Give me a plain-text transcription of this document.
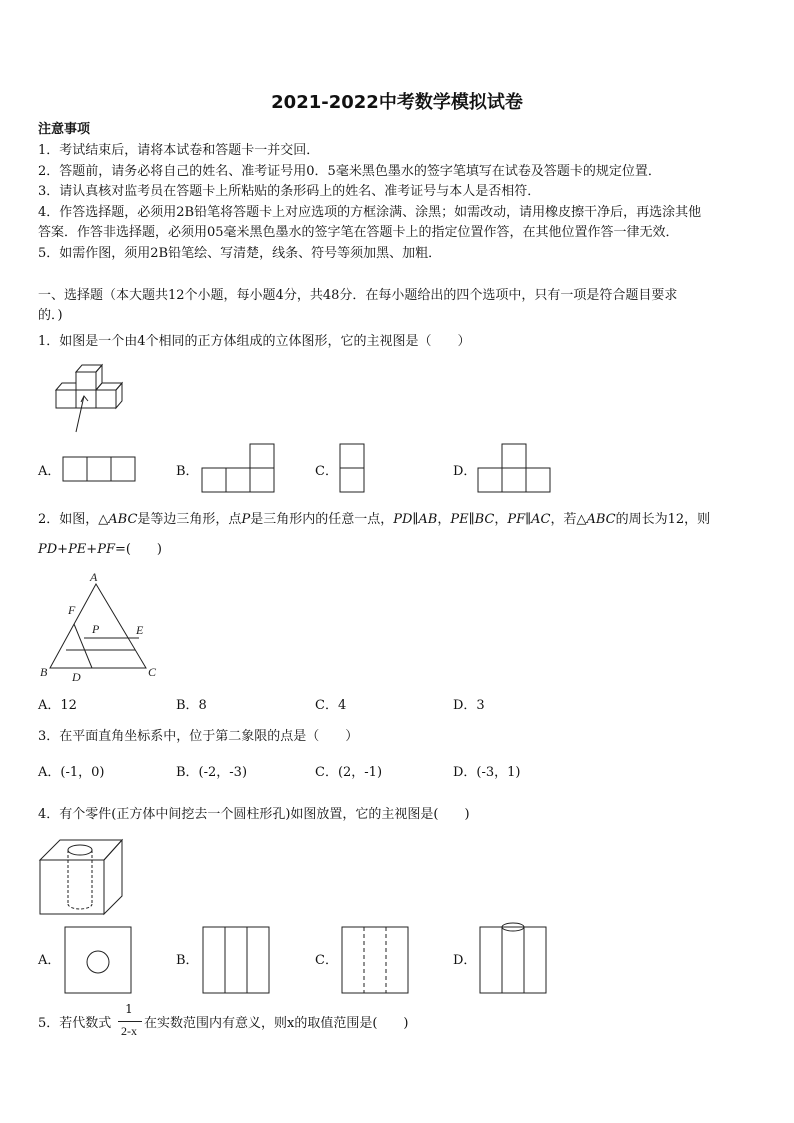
2021-2022中考数学模拟试卷
注意事项
1．考试结束后，请将本试卷和答题卡一并交回．
2．答题前，请务必将自己的姓名、准考证号用0．5毫米黑色墨水的签字笔填写在试卷及答题卡的规定位置．
3．请认真核对监考员在答题卡上所粘贴的条形码上的姓名、准考证号与本人是否相符．
4．作答选择题，必须用2B铅笔将答题卡上对应选项的方框涂满、涂黑；如需改动，请用橡皮擦干净后，再选涂其他
答案．作答非选择题，必须用05毫米黑色墨水的签字笔在答题卡上的指定位置作答，在其他位置作答一律无效．
5．如需作图，须用2B铅笔绘、写清楚，线条、符号等须加黑、加粗．
一、选择题（本大题共12个小题，每小题4分，共48分．在每小题给出的四个选项中，只有一项是符合题目要求
的．)
1．如图是一个由4个相同的正方体组成的立体图形，它的主视图是（　　）
A．	B．	C．	D．
2．如图，△ABC是等边三角形，点P是三角形内的任意一点，PD∥AB，PE∥BC，PF∥AC，若△ABC的周长为12，则
PD+PE+PF=(　　)
A
F
P	E
B	C
D
A．12	B．8	C．4	D．3
3．在平面直角坐标系中，位于第二象限的点是（　　）
A．(-1，0)	B．(-2，-3)	C．(2，-1)	D．(-3，1)
4．有个零件(正方体中间挖去一个圆柱形孔)如图放置，它的主视图是(　　)
A．	B．	C．	D．
5．若代数式
1
2-x 在实数范围内有意义，则x的取值范围是(　　)
